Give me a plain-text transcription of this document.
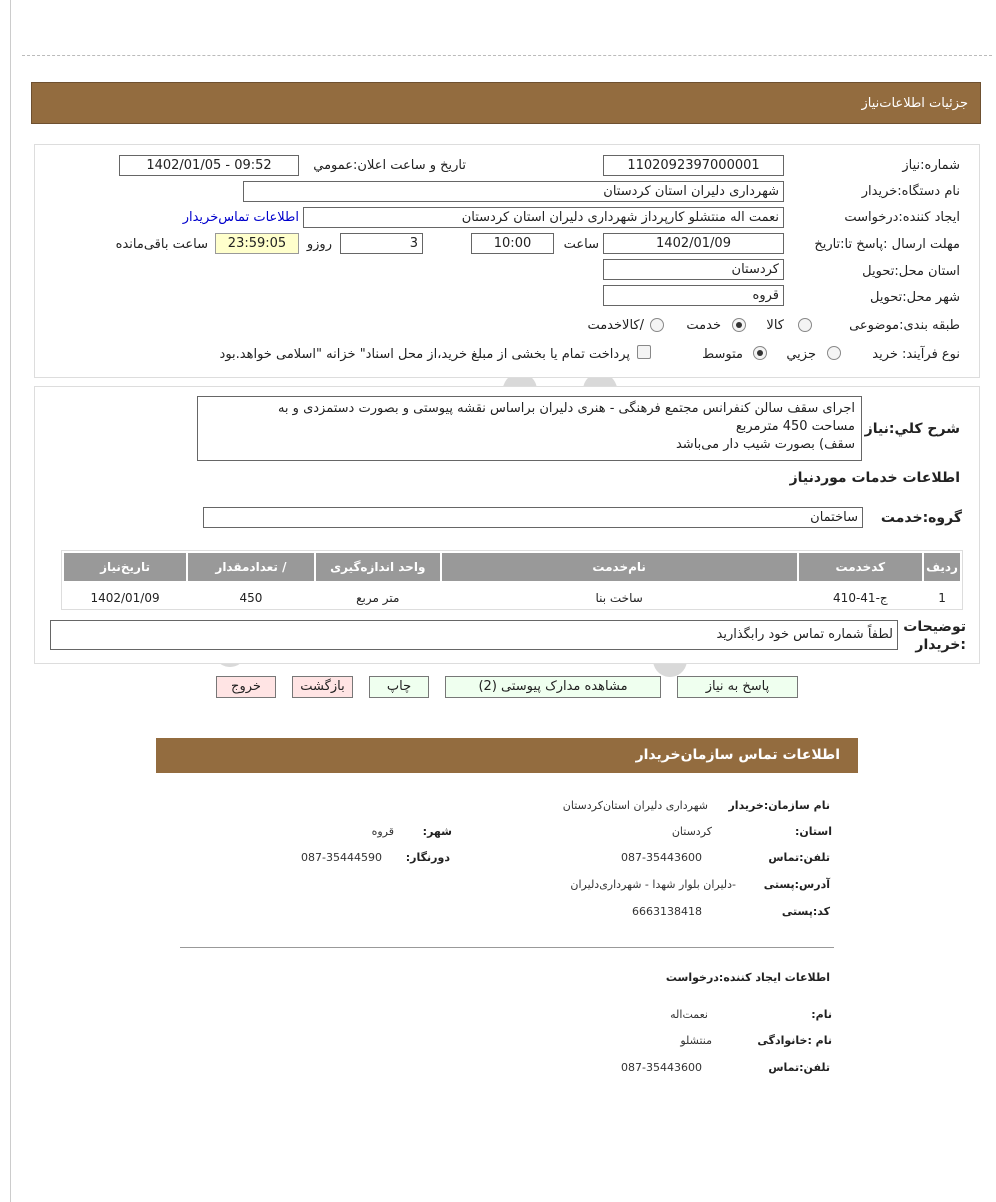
جزئیات اطلاعات‌نیاز
شماره:نیاز
1102092397000001
تاریخ و ساعت اعلان:عمومي
1402/01/05 - 09:52
نام دستگاه:خریدار
شهرداری دلیران استان کردستان
ایجاد کننده:درخواست
نعمت اله منتشلو کارپرداز شهرداری دلیران استان کردستان
اطلاعات تماس‌خریدار
مهلت ارسال :پاسخ تا:تاریخ
1402/01/09
ساعت
10:00
3
روزو
23:59:05
ساعت باقی‌مانده
استان محل:تحویل
کردستان
شهر محل:تحویل
قروه
طبقه بندی:موضوعی
کالا
خدمت
/کالاخدمت
نوع فرآیند: خرید
جزیي
متوسط
پرداخت تمام یا بخشی از مبلغ خرید،از محل اسناد" خزانه "اسلامی خواهد.بود
شرح کلي:نیاز
اجرای سقف سالن کنفرانس مجتمع فرهنگی - هنری دلیران براساس نقشه پیوستی و بصورت دستمزدی و به
مساحت 450 مترمربع
سقف) بصورت شیب دار می‌باشد
اطلاعات خدمات موردنیاز
گروه:خدمت
ساختمان
ردیف	کدخدمت	نام‌خدمت	واحد اندازه‌گیری	/ تعدادمقدار	تاریخ‌نیاز
1	ج-41-410	ساخت بنا	متر مربع	450	1402/01/09
توضیحات
:خریدار
لطفاً شماره تماس خود رابگذارید
پاسخ به نیاز
مشاهده مدارک پیوستی (2)
چاپ
بازگشت
خروج
اطلاعات تماس سازمان‌خریدار
نام سازمان:خریدار
شهرداری دلیران استان‌کردستان
استان:
کردستان
شهر:
قروه
تلفن:تماس
087-35443600
دورنگار:
087-35444590
آدرس:پستی
-دلیران بلوار شهدا - شهرداری‌دلیران
کد:پستی
6663138418
اطلاعات ایجاد کننده:درخواست
نام:
نعمت‌اله
نام :خانوادگی
منتشلو
تلفن:تماس
087-35443600
